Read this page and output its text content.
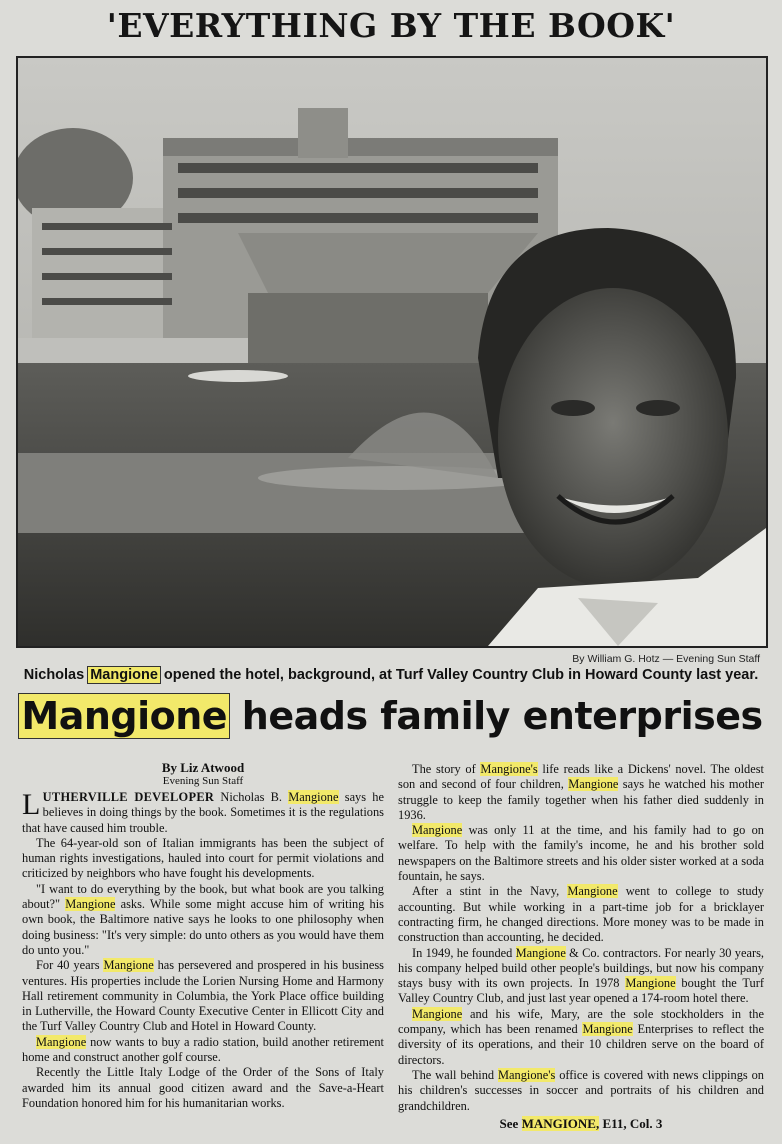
'EVERYTHING BY THE BOOK'
By William G. Hotz — Evening Sun Staff
Nicholas Mangione opened the hotel, background, at Turf Valley Country Club in Howard County last year.
Mangione heads family enterprises
By Liz Atwood
Evening Sun Staff

LUTHERVILLE DEVELOPER Nicholas B. Mangione says he believes in doing things by the book. Sometimes it is the regulations that have caused him trouble.

The 64-year-old son of Italian immigrants has been the subject of human rights investigations, hauled into court for permit violations and criticized by neighbors who have fought his developments.

"I want to do everything by the book, but what book are you talking about?" Mangione asks. While some might accuse him of writing his own book, the Baltimore native says he looks to one philosophy when doing business: "It's very simple: do unto others as you would have them do unto you."

For 40 years Mangione has persevered and prospered in his business ventures. His properties include the Lorien Nursing Home and Harmony Hall retirement community in Columbia, the York Place office building in Lutherville, the Howard County Executive Center in Ellicott City and the Turf Valley Country Club and Hotel in Howard County.

Mangione now wants to buy a radio station, build another retirement home and construct another golf course.

Recently the Little Italy Lodge of the Order of the Sons of Italy awarded him its annual good citizen award and the Save-a-Heart Foundation honored him for his humanitarian works.

The story of Mangione's life reads like a Dickens' novel. The oldest son and second of four children, Mangione says he watched his mother struggle to keep the family together when his father died suddenly in 1936.

Mangione was only 11 at the time, and his family had to go on welfare. To help with the family's income, he and his brother sold newspapers on the Baltimore streets and his older sister worked at a soda fountain, he says.

After a stint in the Navy, Mangione went to college to study accounting. But while working in a part-time job for a bricklayer contracting firm, he changed directions. More money was to be made in construction than accounting, he decided.

In 1949, he founded Mangione & Co. contractors. For nearly 30 years, his company helped build other people's buildings, but now his company stays busy with its own projects. In 1978 Mangione bought the Turf Valley Country Club, and just last year opened a 174-room hotel there.

Mangione and his wife, Mary, are the sole stockholders in the company, which has been renamed Mangione Enterprises to reflect the diversity of its operations, and their 10 children serve on the board of directors.

The wall behind Mangione's office is covered with news clippings on his children's successes in soccer and portraits of his children and grandchildren.

See MANGIONE, E11, Col. 3
